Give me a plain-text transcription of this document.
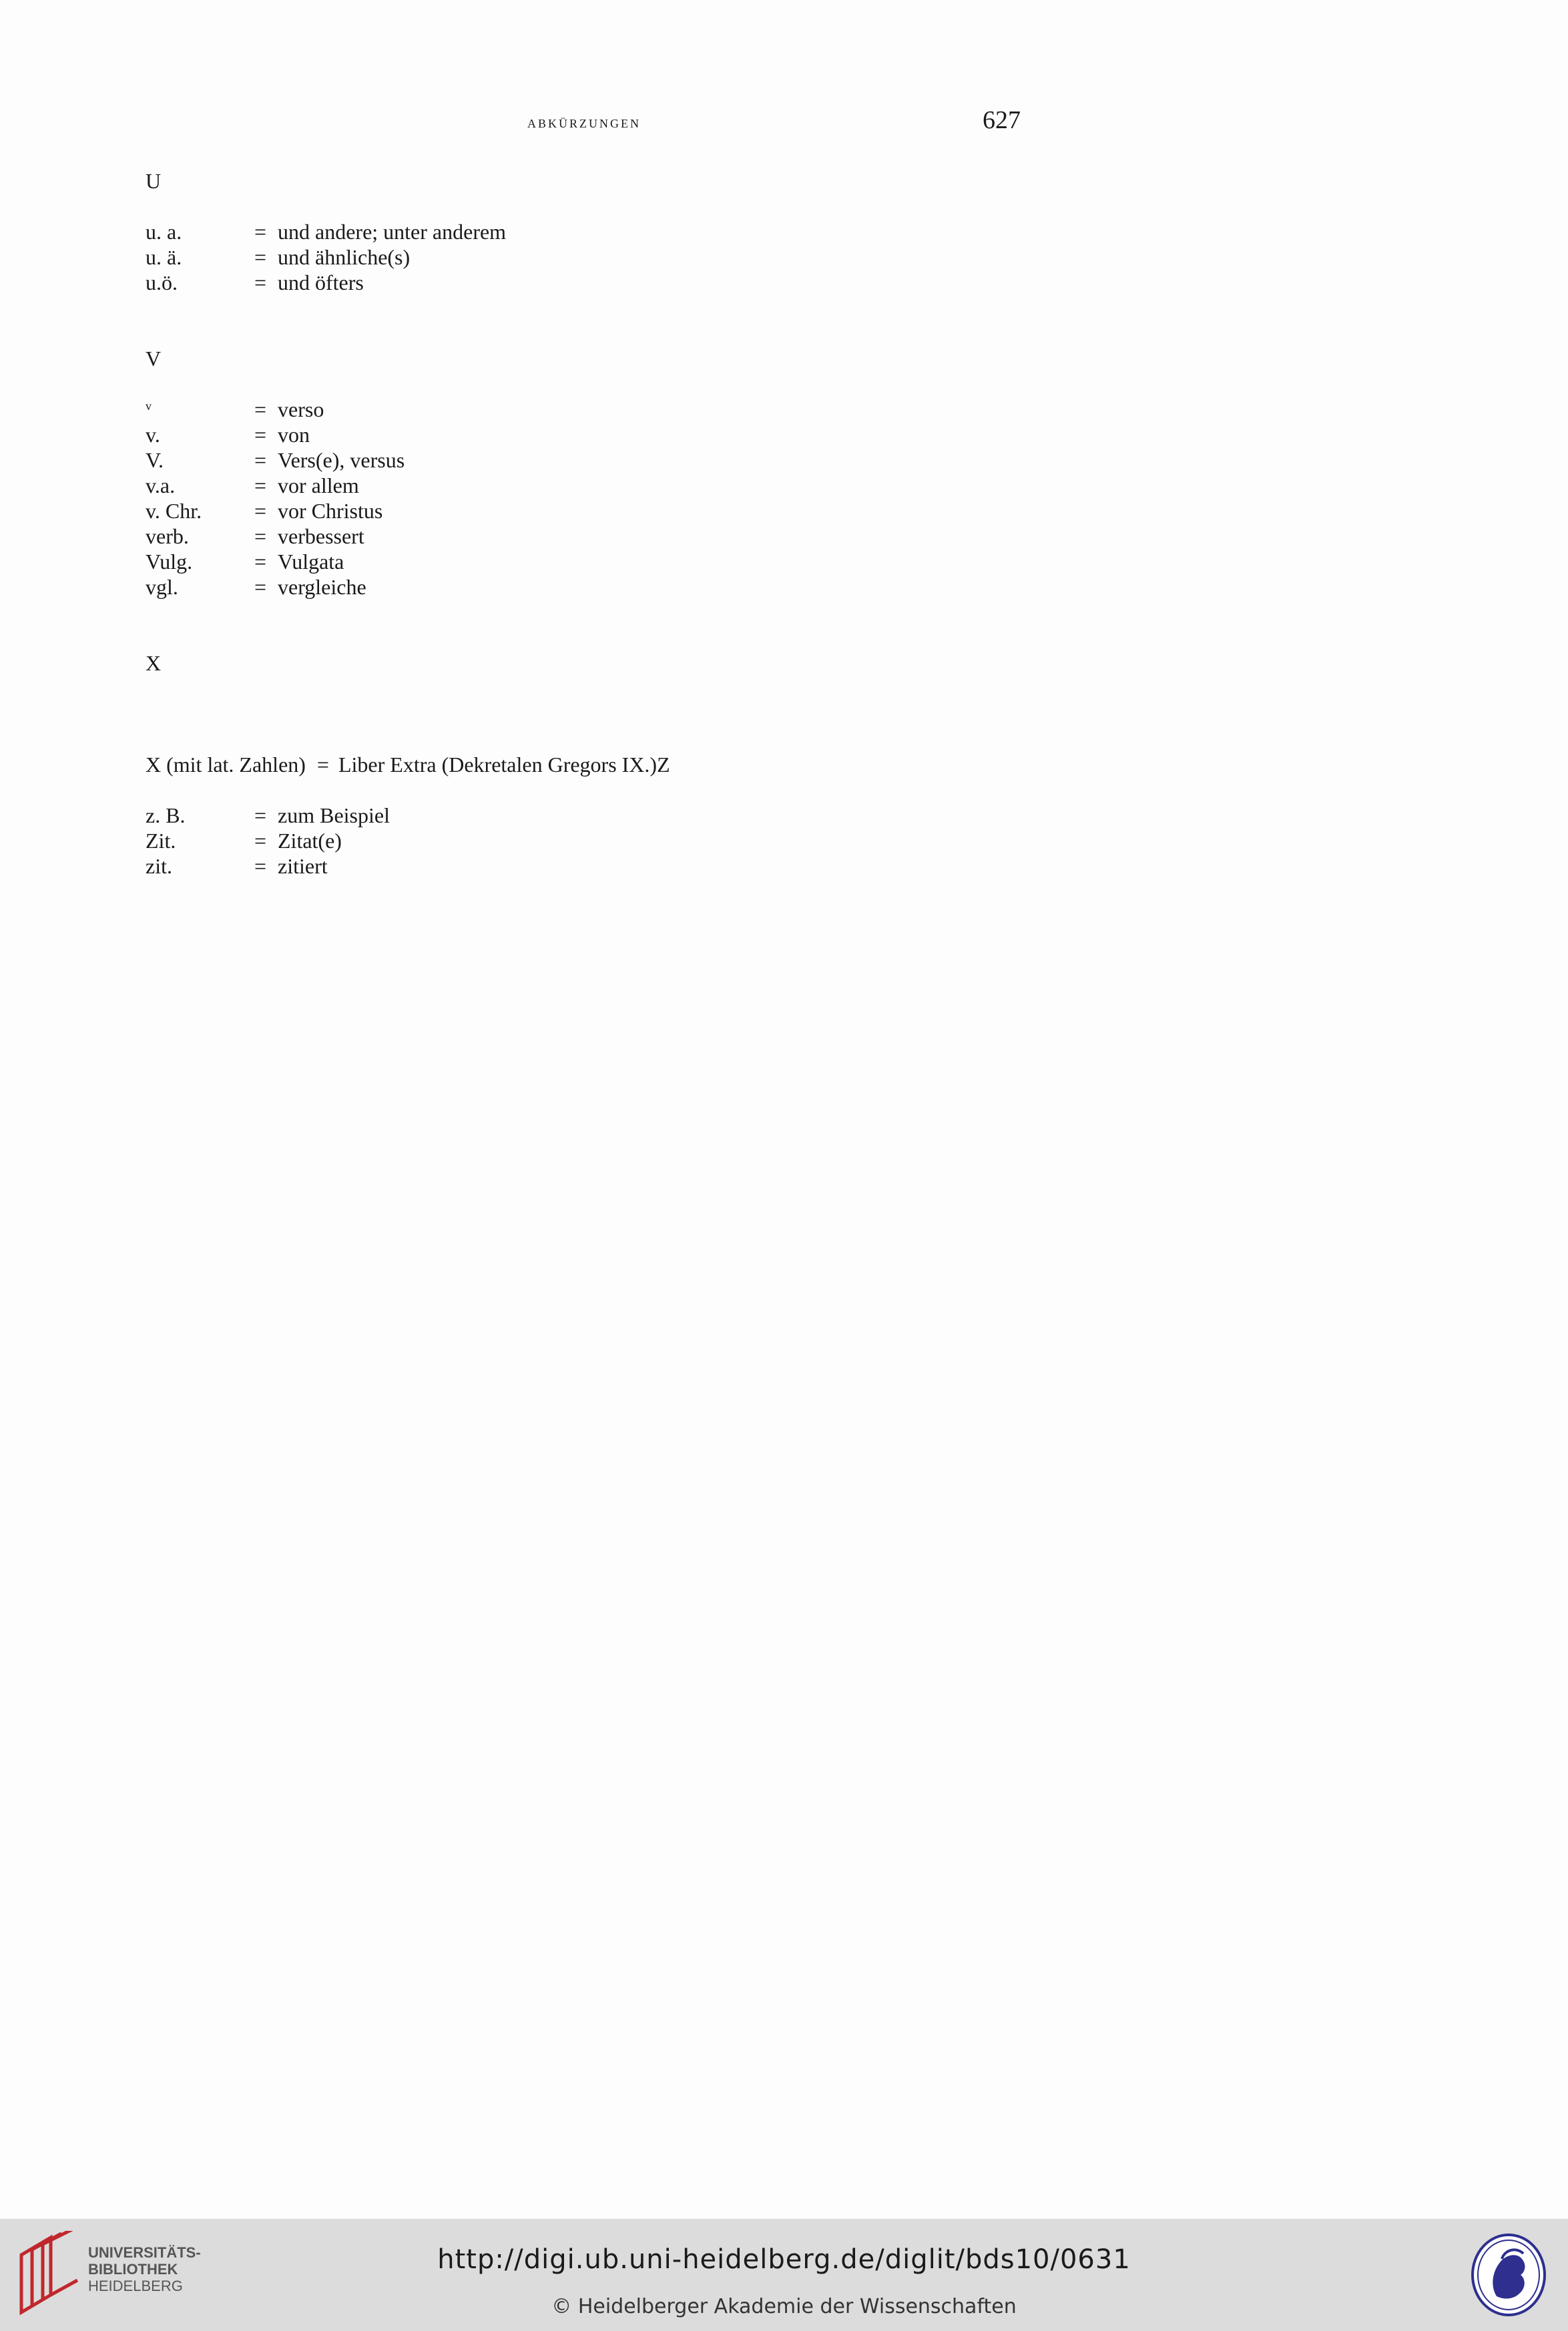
abkürzungen	627
U
u. a.	= und andere; unter anderem
u. ä.	= und ähnliche(s)
u.ö.	= und öfters
V
v	= verso
v.	= von
V.	= Vers(e), versus
v.a.	= vor allem
v. Chr.	= vor Christus
verb.	= verbessert
Vulg.	= Vulgata
vgl.	= vergleiche
X
X (mit lat. Zahlen) = Liber Extra (Dekretalen Gregors IX.)Z
z. B.	= zum Beispiel
Zit.	= Zitat(e)
zit.	= zitiert
UNIVERSITÄTS-
BIBLIOTHEK
HEIDELBERG
http://digi.ub.uni-heidelberg.de/diglit/bds10/0631
© Heidelberger Akademie der Wissenschaften
